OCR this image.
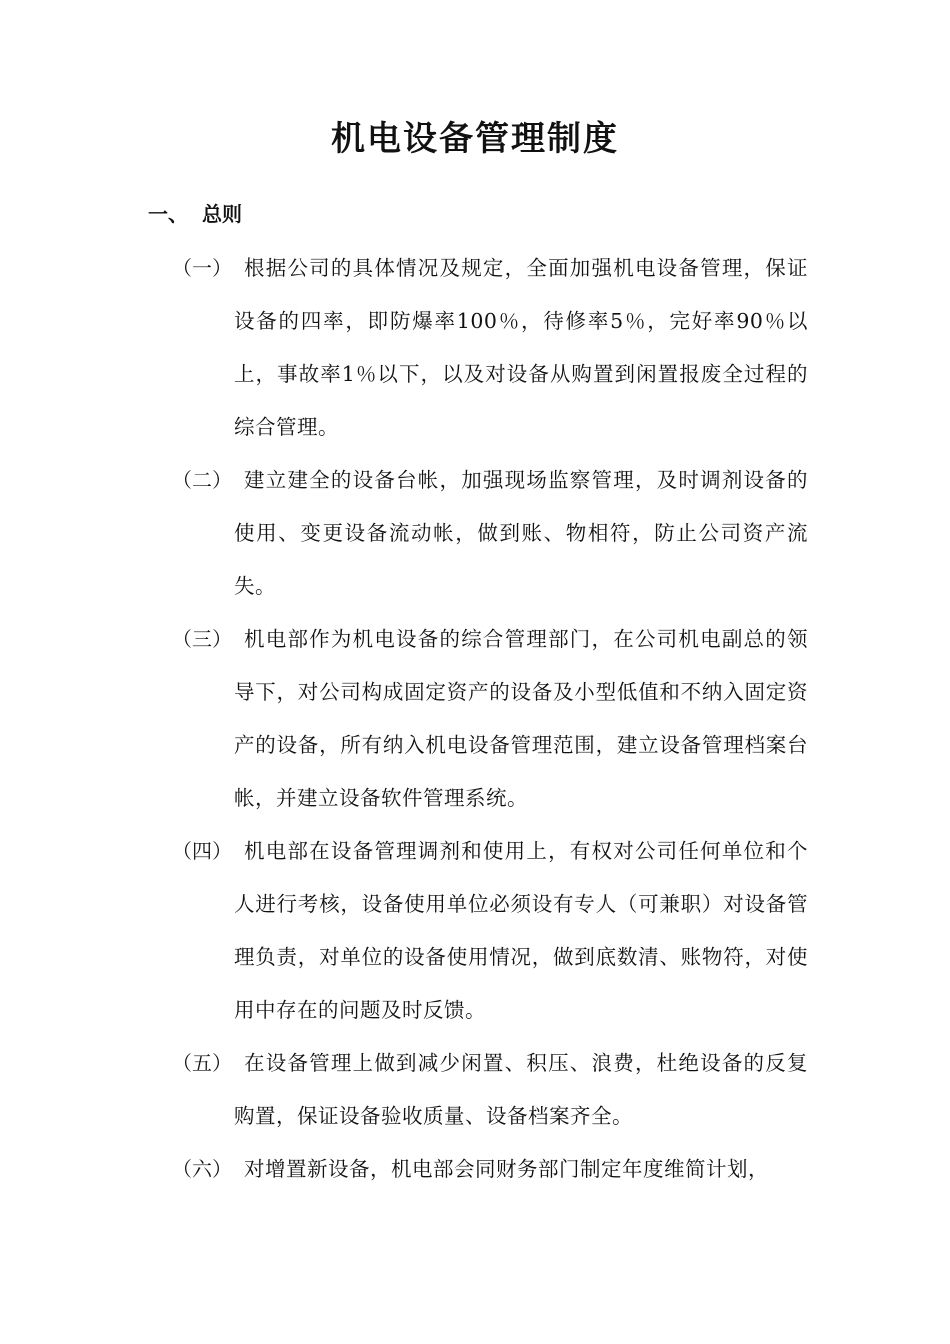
机电设备管理制度
一、 总则
（一） 根据公司的具体情况及规定，全面加强机电设备管理，保证设备的四率，即防爆率100％，待修率5％，完好率90％以上，事故率1％以下，以及对设备从购置到闲置报废全过程的综合管理。
（二） 建立建全的设备台帐，加强现场监察管理，及时调剂设备的使用、变更设备流动帐，做到账、物相符，防止公司资产流失。
（三） 机电部作为机电设备的综合管理部门，在公司机电副总的领导下，对公司构成固定资产的设备及小型低值和不纳入固定资产的设备，所有纳入机电设备管理范围，建立设备管理档案台帐，并建立设备软件管理系统。
（四） 机电部在设备管理调剂和使用上，有权对公司任何单位和个人进行考核，设备使用单位必须设有专人（可兼职）对设备管理负责，对单位的设备使用情况，做到底数清、账物符，对使用中存在的问题及时反馈。
（五） 在设备管理上做到减少闲置、积压、浪费，杜绝设备的反复购置，保证设备验收质量、设备档案齐全。
（六） 对增置新设备，机电部会同财务部门制定年度维简计划，
